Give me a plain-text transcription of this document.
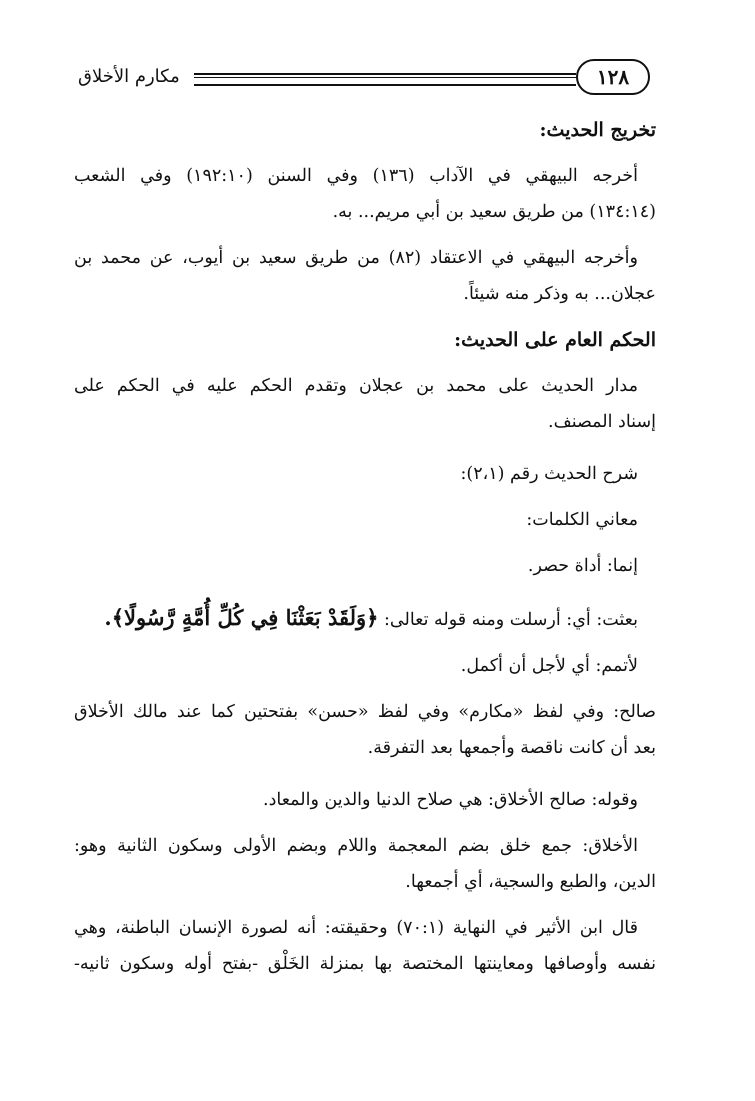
مكارم الأخلاق	١٢٨

تخريج الحديث:

أخرجه البيهقي في الآداب (١٣٦) وفي السنن (١٩٢:١٠) وفي الشعب

(١٣٤:١٤) من طريق سعيد بن أبي مريم... به.

وأخرجه البيهقي في الاعتقاد (٨٢) من طريق سعيد بن أيوب، عن محمد بن

عجلان... به وذكر منه شيئاً.

الحكم العام على الحديث:

مدار الحديث على محمد بن عجلان وتقدم الحكم عليه في الحكم على

إسناد المصنف.

شرح الحديث رقم (٢،١):

معاني الكلمات:

إنما: أداة حصر.

بعثت: أي: أرسلت ومنه قوله تعالى: ﴿وَلَقَدْ بَعَثْنَا فِي كُلِّ أُمَّةٍ رَّسُولًا﴾.

لأتمم: أي لأجل أن أكمل.

صالح: وفي لفظ «مكارم» وفي لفظ «حسن» بفتحتين كما عند مالك الأخلاق

بعد أن كانت ناقصة وأجمعها بعد التفرقة.

وقوله: صالح الأخلاق: هي صلاح الدنيا والدين والمعاد.

الأخلاق: جمع خلق بضم المعجمة واللام وبضم الأولى وسكون الثانية وهو:

الدين، والطبع والسجية، أي أجمعها.

قال ابن الأثير في النهاية (٧٠:١) وحقيقته: أنه لصورة الإنسان الباطنة، وهي

نفسه وأوصافها ومعاينتها المختصة بها بمنزلة الخَلْق -بفتح أوله وسكون ثانيه-
